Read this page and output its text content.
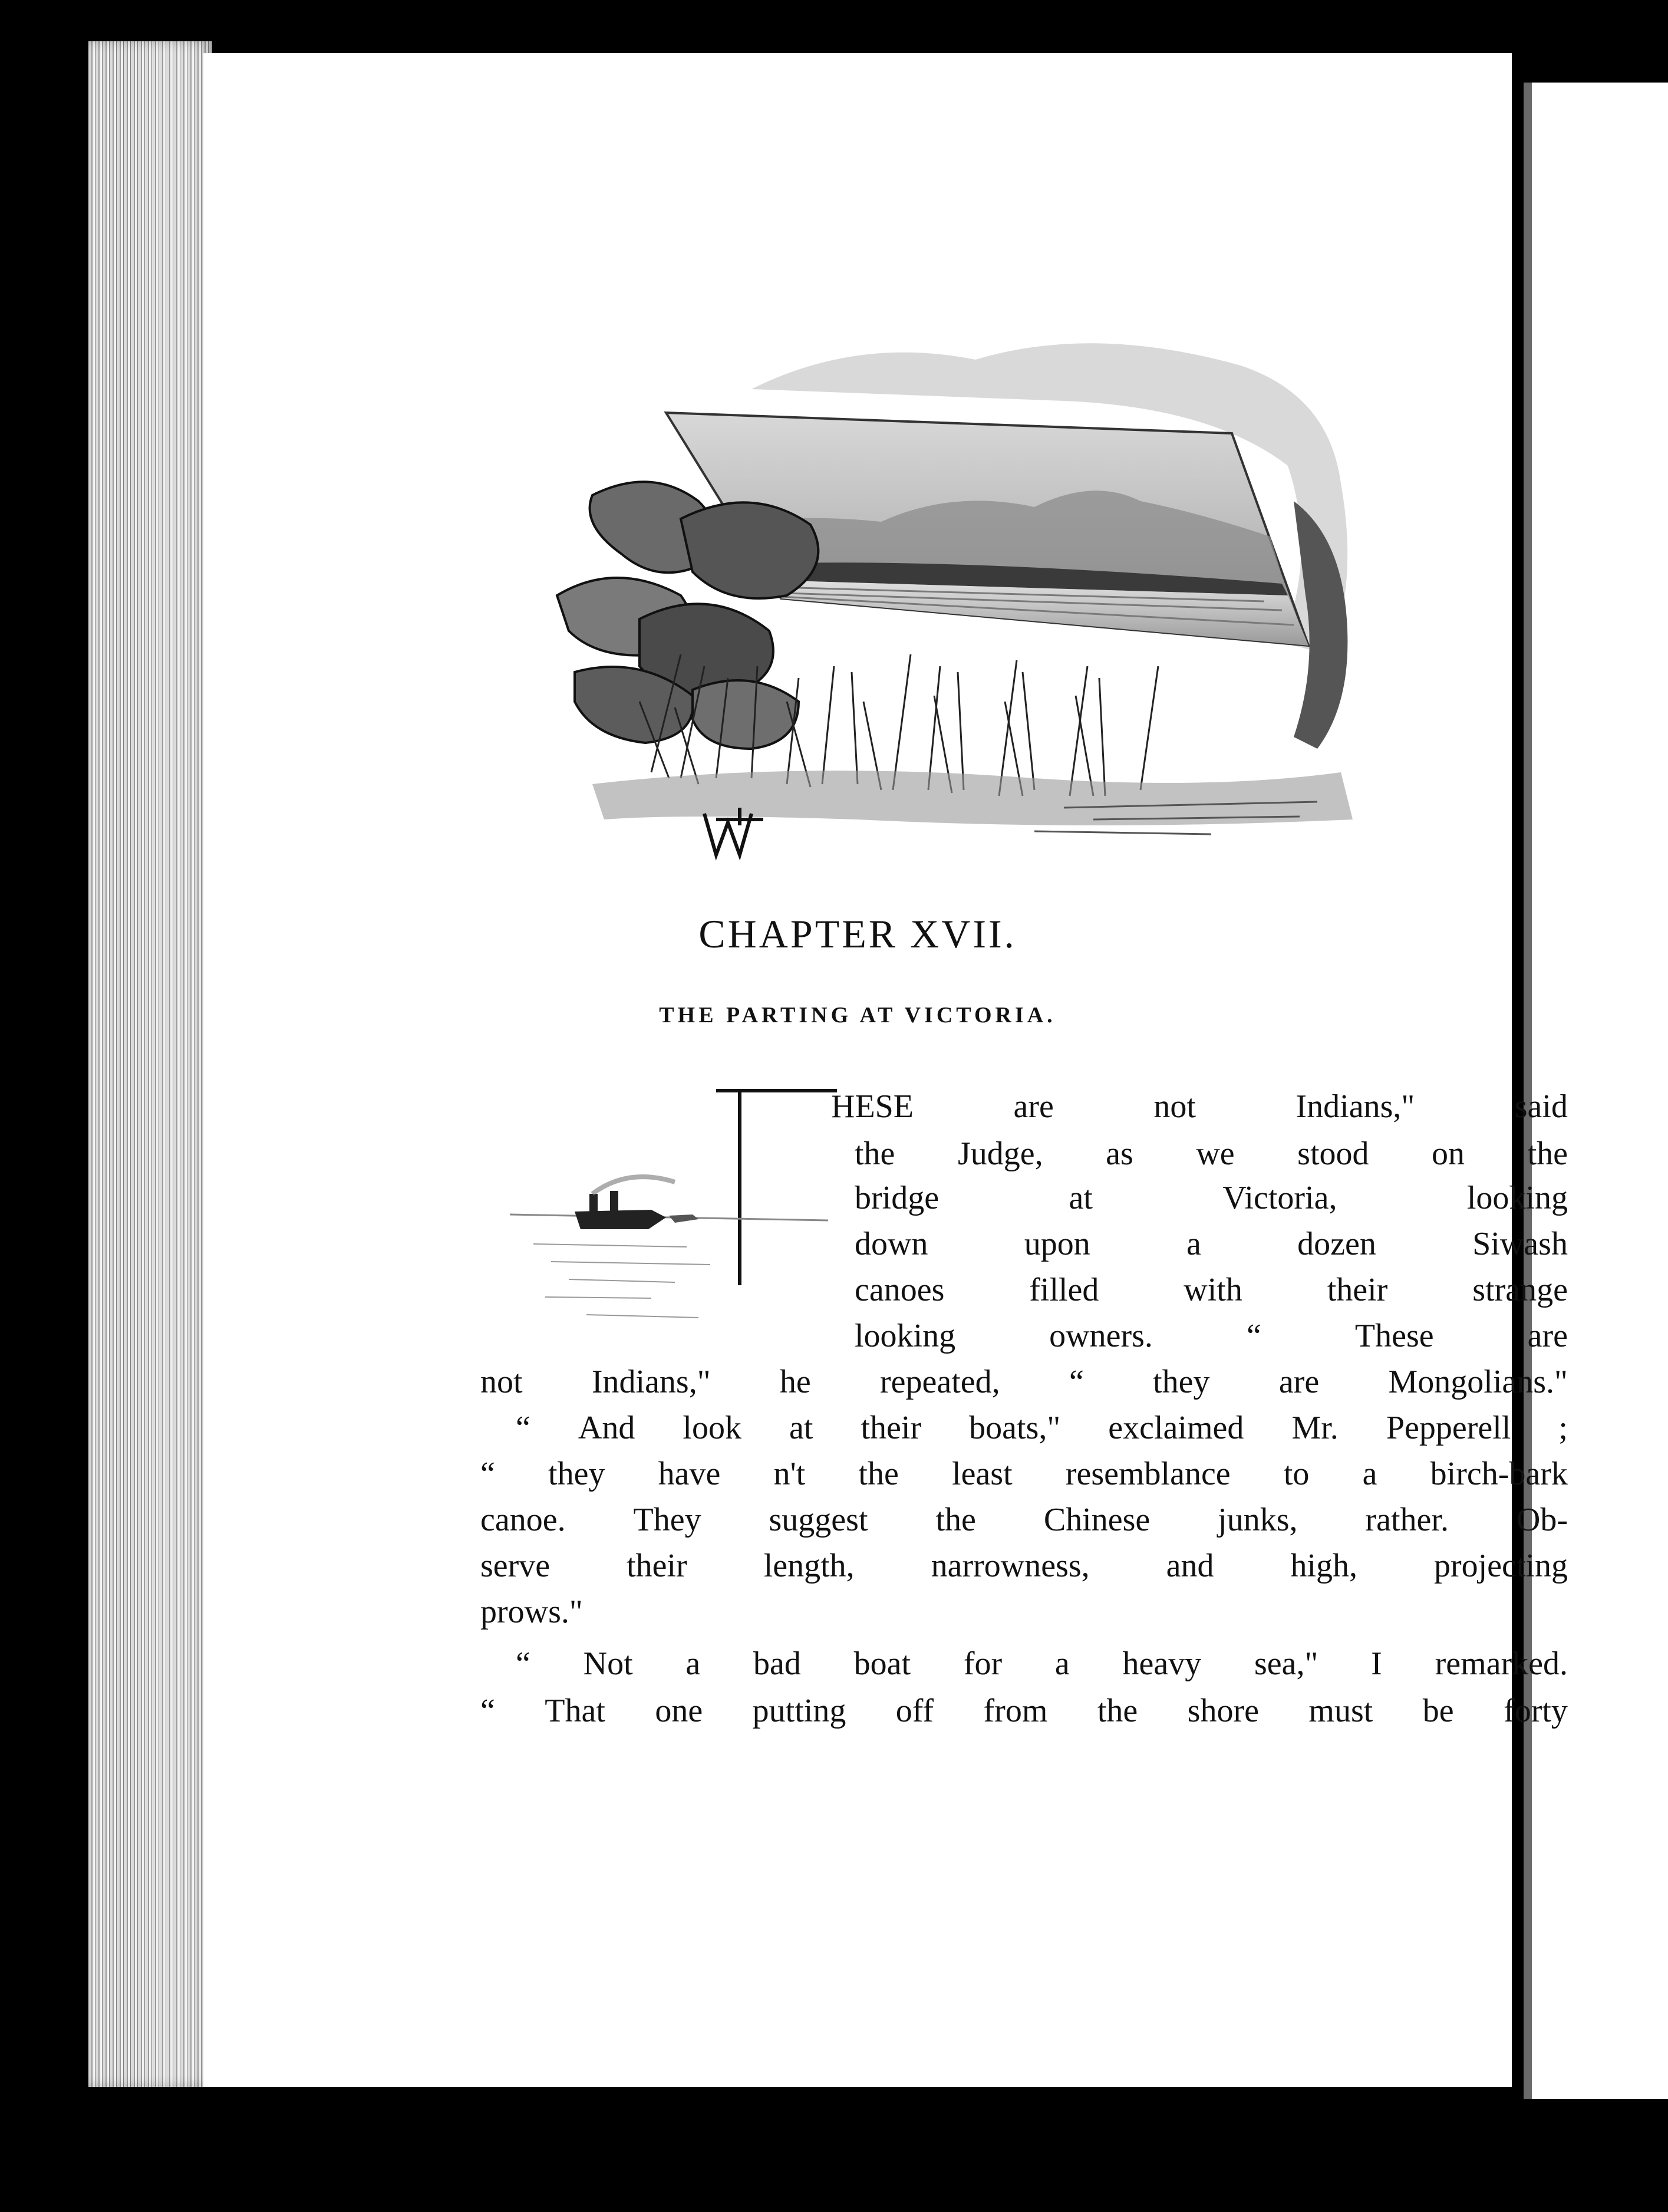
CHAPTER XVII.
THE PARTING AT VICTORIA.
HESE	are	not	Indians,"	said
the Judge, as we stood on the
bridge	at	Victoria,	looking
down	upon	a	dozen	Siwash
canoes	filled	with	their	strange
looking	owners.	“	These	are
not Indians," he repeated, “ they are Mongolians."
“ And look at their boats," exclaimed Mr. Pepperell ;
“ they have n't the least resemblance to a birch-bark
canoe. They suggest the Chinese junks, rather. Ob-
serve their length, narrowness, and high, projecting
prows."
“ Not a bad boat for a heavy sea," I remarked.
“ That one putting off from the shore must be forty
